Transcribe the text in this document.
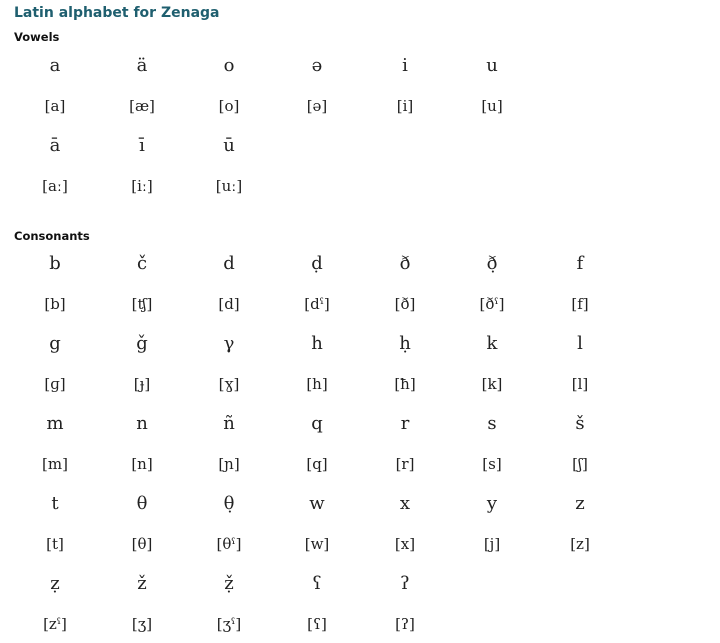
Latin alphabet for Zenaga
Vowels
a	ä	o	ə	i	u
[a]	[æ]	[o]	[ə]	[i]	[u]
ā	ī	ū
[aː]	[iː]	[uː]
Consonants
b	č	d	ḍ	ð	ð̣	f
[b]	[ʧ]	[d]	[dˤ]	[ð]	[ðˤ]	[f]
g	ǧ	γ	h	ḥ	k	l
[ɡ]	[ɟ]	[ɣ]	[h]	[ħ]	[k]	[l]
m	n	ñ	q	r	s	š
[m]	[n]	[ɲ]	[q]	[r]	[s]	[ʃ]
t	θ	θ̣	w	x	y	z
[t]	[θ]	[θˤ]	[w]	[x]	[j]	[z]
ẓ	ž	ẓ̌	ʕ	ʔ
[zˤ]	[ʒ]	[ʒˤ]	[ʕ]	[ʔ]
